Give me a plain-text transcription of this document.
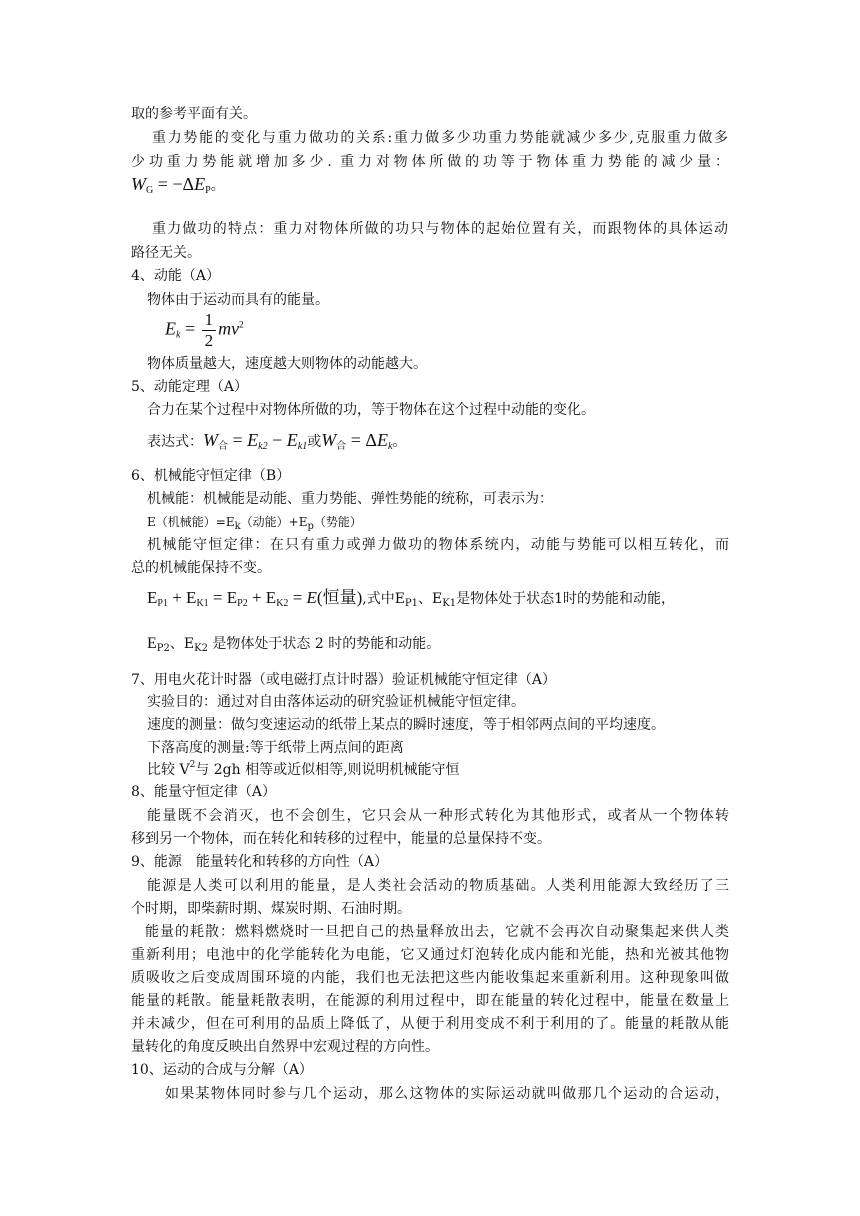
取的参考平面有关。
重力势能的变化与重力做功的关系:重力做多少功重力势能就减少多少,克服重力做多
少功重力势能就增加多少. 重力对物体所做的功等于物体重力势能的减少量：
$W_G = -\Delta E_P$。
重力做功的特点：重力对物体所做的功只与物体的起始位置有关，而跟物体的具体运动
路径无关。
4、动能（A）
物体由于运动而具有的能量。
$E_k = \frac{1}{2} mv^2$
物体质量越大，速度越大则物体的动能越大。
5、动能定理（A）
合力在某个过程中对物体所做的功，等于物体在这个过程中动能的变化。
表达式：$W_合 = E_{k2} - E_{k1}$或$W_合 = \Delta E_k$。
6、机械能守恒定律（B）
机械能：机械能是动能、重力势能、弹性势能的统称，可表示为：
E（机械能）$=E_k$（动能）$+E_p$（势能）
机械能守恒定律：在只有重力或弹力做功的物体系统内，动能与势能可以相互转化，而
总的机械能保持不变。
$E_{P1} + E_{K1} = E_{P2} + E_{K2} = E$(恒量),式中$E_{P1}$、$E_{K1}$是物体处于状态1时的势能和动能，
$E_{P2}$、$E_{K2}$ 是物体处于状态 2 时的势能和动能。
7、用电火花计时器（或电磁打点计时器）验证机械能守恒定律（A）
实验目的：通过对自由落体运动的研究验证机械能守恒定律。
速度的测量：做匀变速运动的纸带上某点的瞬时速度，等于相邻两点间的平均速度。
下落高度的测量:等于纸带上两点间的距离
比较 $V^2$与 2gh 相等或近似相等,则说明机械能守恒
8、能量守恒定律（A）
能量既不会消灭，也不会创生，它只会从一种形式转化为其他形式，或者从一个物体转
移到另一个物体，而在转化和转移的过程中，能量的总量保持不变。
9、能源　能量转化和转移的方向性（A）
能源是人类可以利用的能量，是人类社会活动的物质基础。人类利用能源大致经历了三
个时期，即柴薪时期、煤炭时期、石油时期。
能量的耗散：燃料燃烧时一旦把自己的热量释放出去，它就不会再次自动聚集起来供人类
重新利用；电池中的化学能转化为电能，它又通过灯泡转化成内能和光能，热和光被其他物
质吸收之后变成周围环境的内能，我们也无法把这些内能收集起来重新利用。这种现象叫做
能量的耗散。能量耗散表明，在能源的利用过程中，即在能量的转化过程中，能量在数量上
并未减少，但在可利用的品质上降低了，从便于利用变成不利于利用的了。能量的耗散从能
量转化的角度反映出自然界中宏观过程的方向性。
10、运动的合成与分解（A）
如果某物体同时参与几个运动，那么这物体的实际运动就叫做那几个运动的合运动，
